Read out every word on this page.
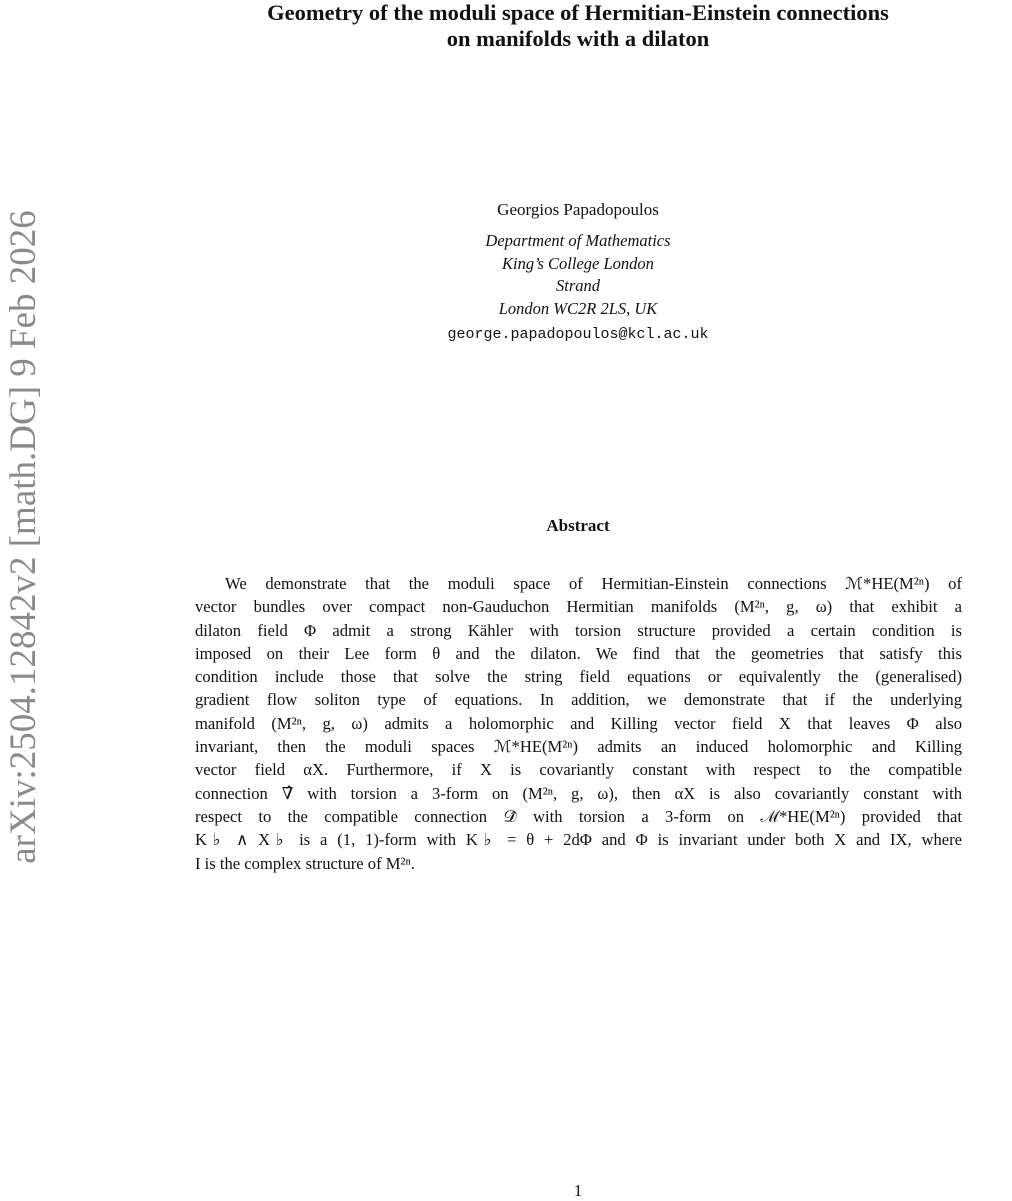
arXiv:2504.12842v2 [math.DG] 9 Feb 2026
Geometry of the moduli space of Hermitian-Einstein connections
on manifolds with a dilaton
Georgios Papadopoulos
Department of Mathematics
King’s College London
Strand
London WC2R 2LS, UK
george.papadopoulos@kcl.ac.uk
Abstract
We demonstrate that the moduli space of Hermitian-Einstein connections ℳ*HE(M²ⁿ) of
vector bundles over compact non-Gauduchon Hermitian manifolds (M²ⁿ, g, ω) that exhibit a
dilaton field Φ admit a strong Kähler with torsion structure provided a certain condition is
imposed on their Lee form θ and the dilaton. We find that the geometries that satisfy this
condition include those that solve the string field equations or equivalently the (generalised)
gradient flow soliton type of equations. In addition, we demonstrate that if the underlying
manifold (M²ⁿ, g, ω) admits a holomorphic and Killing vector field X that leaves Φ also
invariant, then the moduli spaces ℳ*HE(M²ⁿ) admits an induced holomorphic and Killing
vector field αX. Furthermore, if X is covariantly constant with respect to the compatible
connection ∇̂ with torsion a 3-form on (M²ⁿ, g, ω), then αX is also covariantly constant with
respect to the compatible connection 𝒟̂ with torsion a 3-form on ℳ*HE(M²ⁿ) provided that
K♭ ∧ X♭ is a (1, 1)-form with K♭ = θ + 2dΦ and Φ is invariant under both X and IX, where
I is the complex structure of M²ⁿ.
1
